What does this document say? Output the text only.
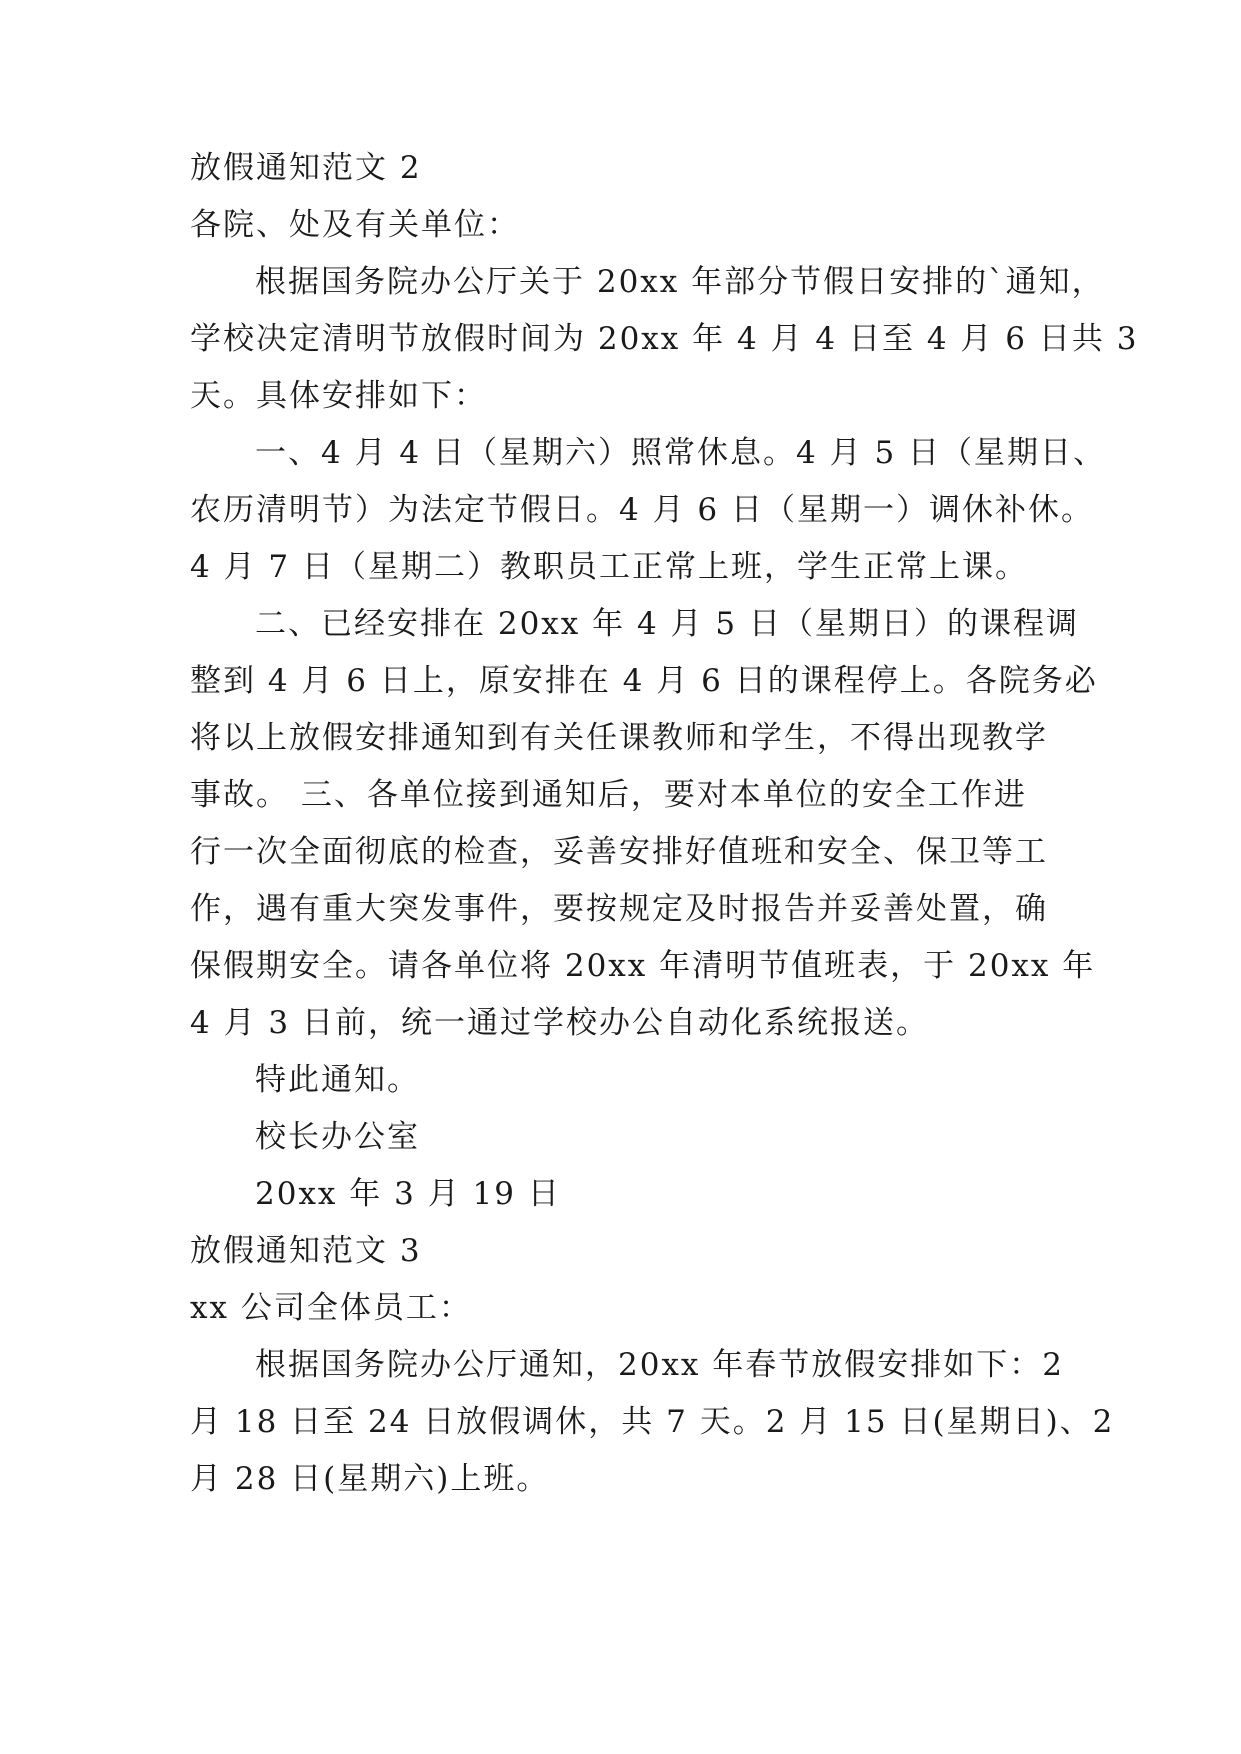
放假通知范文 2
各院、处及有关单位：
根据国务院办公厅关于 20xx 年部分节假日安排的`通知，
学校决定清明节放假时间为 20xx 年 4 月 4 日至 4 月 6 日共 3
天。具体安排如下：
一、4 月 4 日（星期六）照常休息。4 月 5 日（星期日、
农历清明节）为法定节假日。4 月 6 日（星期一）调休补休。
4 月 7 日（星期二）教职员工正常上班，学生正常上课。
二、已经安排在 20xx 年 4 月 5 日（星期日）的课程调
整到 4 月 6 日上，原安排在 4 月 6 日的课程停上。各院务必
将以上放假安排通知到有关任课教师和学生，不得出现教学
事故。 三、各单位接到通知后，要对本单位的安全工作进
行一次全面彻底的检查，妥善安排好值班和安全、保卫等工
作，遇有重大突发事件，要按规定及时报告并妥善处置，确
保假期安全。请各单位将 20xx 年清明节值班表，于 20xx 年
4 月 3 日前，统一通过学校办公自动化系统报送。
特此通知。
校长办公室
20xx 年 3 月 19 日
放假通知范文 3
xx 公司全体员工：
根据国务院办公厅通知，20xx 年春节放假安排如下：2
月 18 日至 24 日放假调休，共 7 天。2 月 15 日(星期日)、2
月 28 日(星期六)上班。
